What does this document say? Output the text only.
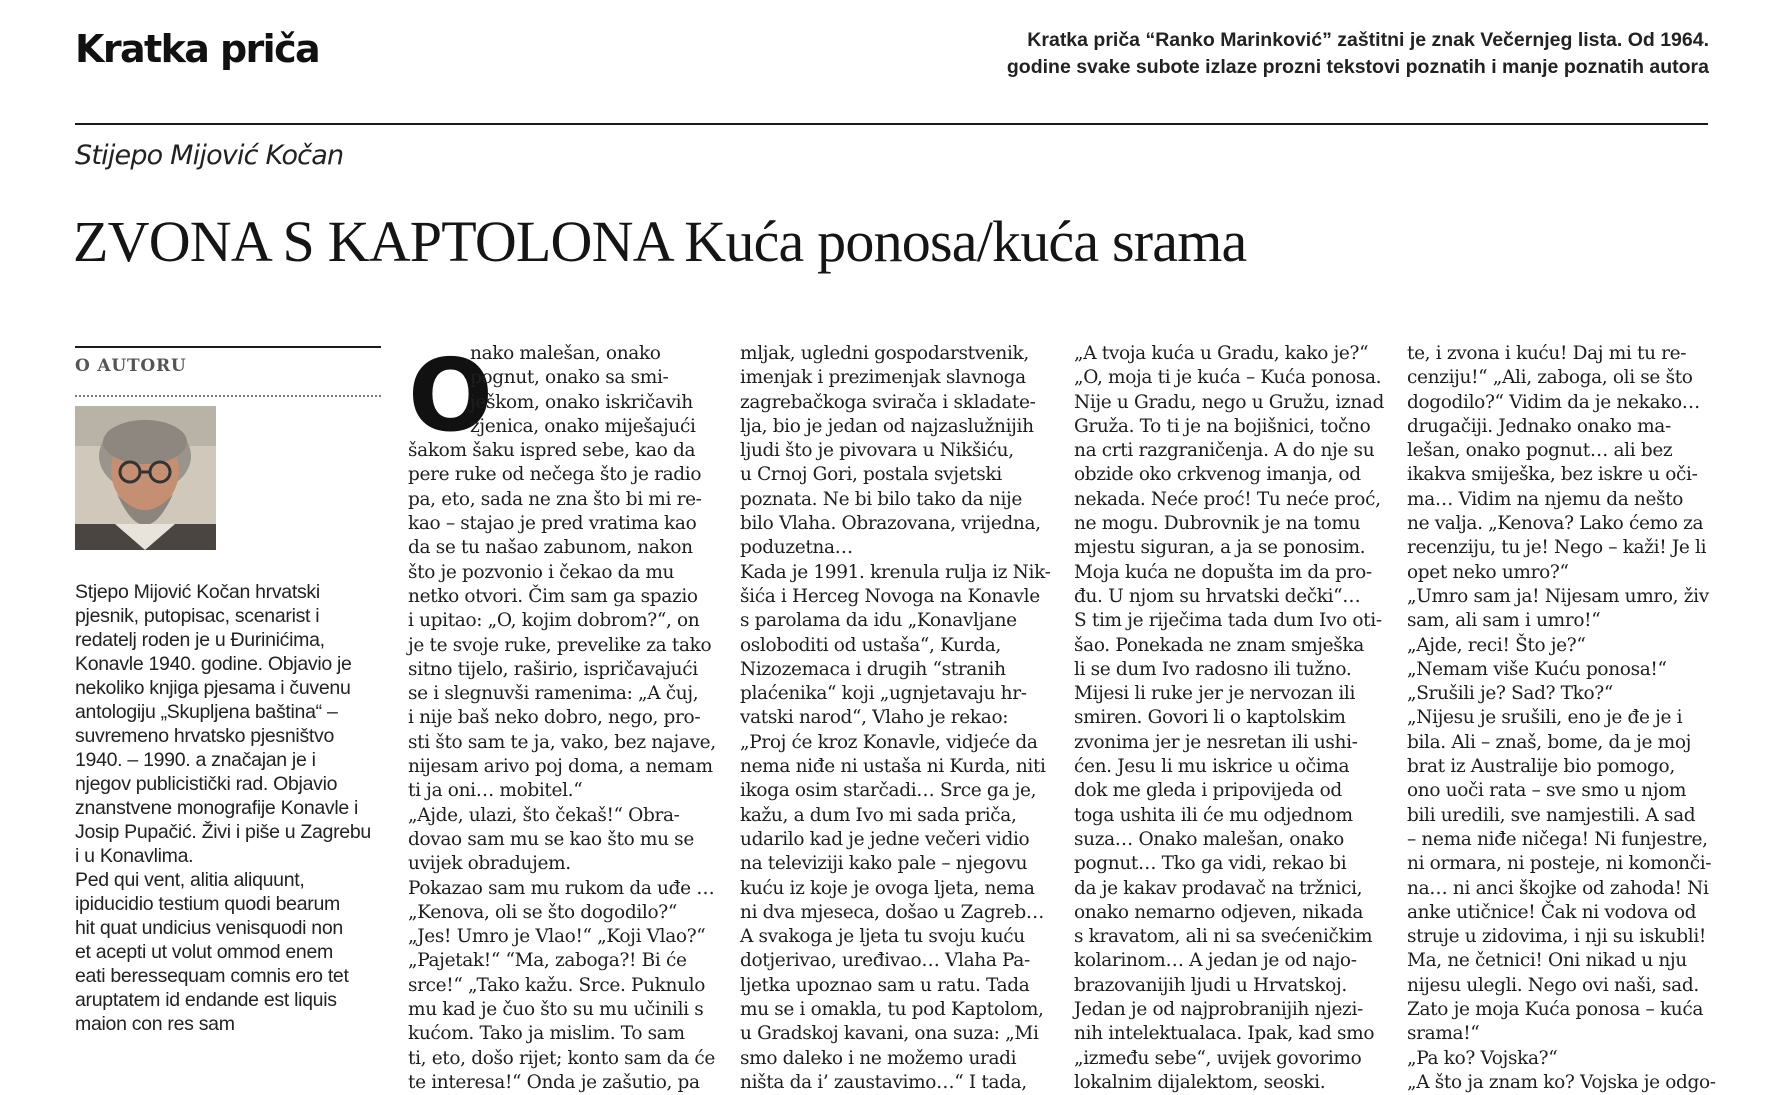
Kratka priča	Kratka priča “Ranko Marinković” zaštitni je znak Večernjeg lista. Od 1964.

godine svake subote izlaze prozni tekstovi poznatih i manje poznatih autora

Stijepo Mijović Kočan
ZVONA S KAPTOLONA Kuća ponosa/kuća srama
O AUTORU

Stjepo Mijović Kočan hrvatski

pjesnik, putopisac, scenarist i

redatelj roden je u Đurinićima,

Konavle 1940. godine. Objavio je

nekoliko knjiga pjesama i čuvenu

antologiju „Skupljena baština“ –

suvremeno hrvatsko pjesništvo

1940. – 1990. a značajan je i

njegov publicistički rad. Objavio

znanstvene monografije Konavle i

Josip Pupačić. Živi i piše u Zagrebu

i u Konavlima.

Ped qui vent, alitia aliquunt,

ipiducidio testium quodi bearum

hit quat undicius venisquodi non

et acepti ut volut ommod enem

eati beressequam comnis ero tet

aruptatem id endande est liquis

maion con res sam

O

nako malešan, onako

pognut, onako sa smi-

ješkom, onako iskričavih

zjenica, onako miješajući

šakom šaku ispred sebe, kao da

pere ruke od nečega što je radio

pa, eto, sada ne zna što bi mi re-

kao – stajao je pred vratima kao

da se tu našao zabunom, nakon

što je pozvonio i čekao da mu

netko otvori. Čim sam ga spazio

i upitao: „O, kojim dobrom?“, on

je te svoje ruke, prevelike za tako

sitno tijelo, raširio, ispričavajući

se i slegnuvši ramenima: „A čuj,

i nije baš neko dobro, nego, pro-

sti što sam te ja, vako, bez najave,

nijesam arivo poj doma, a nemam

ti ja oni… mobitel.“

„Ajde, ulazi, što čekaš!“ Obra-

dovao sam mu se kao što mu se

uvijek obradujem.

Pokazao sam mu rukom da uđe …

„Kenova, oli se što dogodilo?“

„Jes! Umro je Vlao!“ „Koji Vlao?“

„Pajetak!“ “Ma, zaboga?! Bi će

srce!“ „Tako kažu. Srce. Puknulo

mu kad je čuo što su mu učinili s

kućom. Tako ja mislim. To sam

ti, eto, došo rijet; konto sam da će

te interesa!“ Onda je zašutio, pa

mljak, ugledni gospodarstvenik,

imenjak i prezimenjak slavnoga

zagrebačkoga svirača i skladate-

lja, bio je jedan od najzaslužnijih

ljudi što je pivovara u Nikšiću,

u Crnoj Gori, postala svjetski

poznata. Ne bi bilo tako da nije

bilo Vlaha. Obrazovana, vrijedna,

poduzetna…

Kada je 1991. krenula rulja iz Nik-

šića i Herceg Novoga na Konavle

s parolama da idu „Konavljane

osloboditi od ustaša“, Kurda,

Nizozemaca i drugih “stranih

plaćenika“ koji „ugnjetavaju hr-

vatski narod“, Vlaho je rekao:

„Proj će kroz Konavle, vidjeće da

nema niđe ni ustaša ni Kurda, niti

ikoga osim starčadi… Srce ga je,

kažu, a dum Ivo mi sada priča,

udarilo kad je jedne večeri vidio

na televiziji kako pale – njegovu

kuću iz koje je ovoga ljeta, nema

ni dva mjeseca, došao u Zagreb…

A svakoga je ljeta tu svoju kuću

dotjerivao, uređivao… Vlaha Pa-

ljetka upoznao sam u ratu. Tada

mu se i omakla, tu pod Kaptolom,

u Gradskoj kavani, ona suza: „Mi

smo daleko i ne možemo uradi

ništa da i’ zaustavimo…“ I tada,

„A tvoja kuća u Gradu, kako je?“

„O, moja ti je kuća – Kuća ponosa.

Nije u Gradu, nego u Gružu, iznad

Gruža. To ti je na bojišnici, točno

na crti razgraničenja. A do nje su

obzide oko crkvenog imanja, od

nekada. Neće proć! Tu neće proć,

ne mogu. Dubrovnik je na tomu

mjestu siguran, a ja se ponosim.

Moja kuća ne dopušta im da pro-

đu. U njom su hrvatski dečki“…

S tim je riječima tada dum Ivo oti-

šao. Ponekada ne znam smješka

li se dum Ivo radosno ili tužno.

Mijesi li ruke jer je nervozan ili

smiren. Govori li o kaptolskim

zvonima jer je nesretan ili ushi-

ćen. Jesu li mu iskrice u očima

dok me gleda i pripovijeda od

toga ushita ili će mu odjednom

suza… Onako malešan, onako

pognut… Tko ga vidi, rekao bi

da je kakav prodavač na tržnici,

onako nemarno odjeven, nikada

s kravatom, ali ni sa svećeničkim

kolarinom… A jedan je od najo-

brazovanijih ljudi u Hrvatskoj.

Jedan je od najprobranijih njezi-

nih intelektualaca. Ipak, kad smo

„između sebe“, uvijek govorimo

lokalnim dijalektom, seoski.

te, i zvona i kuću! Daj mi tu re-

cenziju!“ „Ali, zaboga, oli se što

dogodilo?“ Vidim da je nekako…

drugačiji. Jednako onako ma-

lešan, onako pognut… ali bez

ikakva smiješka, bez iskre u oči-

ma… Vidim na njemu da nešto

ne valja. „Kenova? Lako ćemo za

recenziju, tu je! Nego – kaži! Je li

opet neko umro?“

„Umro sam ja! Nijesam umro, živ

sam, ali sam i umro!“

„Ajde, reci! Što je?“

„Nemam više Kuću ponosa!“

„Srušili je? Sad? Tko?“

„Nijesu je srušili, eno je đe je i

bila. Ali – znaš, bome, da je moj

brat iz Australije bio pomogo,

ono uoči rata – sve smo u njom

bili uredili, sve namjestili. A sad

– nema niđe ničega! Ni funjestre,

ni ormara, ni posteje, ni komonči-

na… ni anci škojke od zahoda! Ni

anke utičnice! Čak ni vodova od

struje u zidovima, i nji su iskubli!

Ma, ne četnici! Oni nikad u nju

nijesu ulegli. Nego ovi naši, sad.

Zato je moja Kuća ponosa – kuća

srama!“

„Pa ko? Vojska?“

„A što ja znam ko? Vojska je odgo-
